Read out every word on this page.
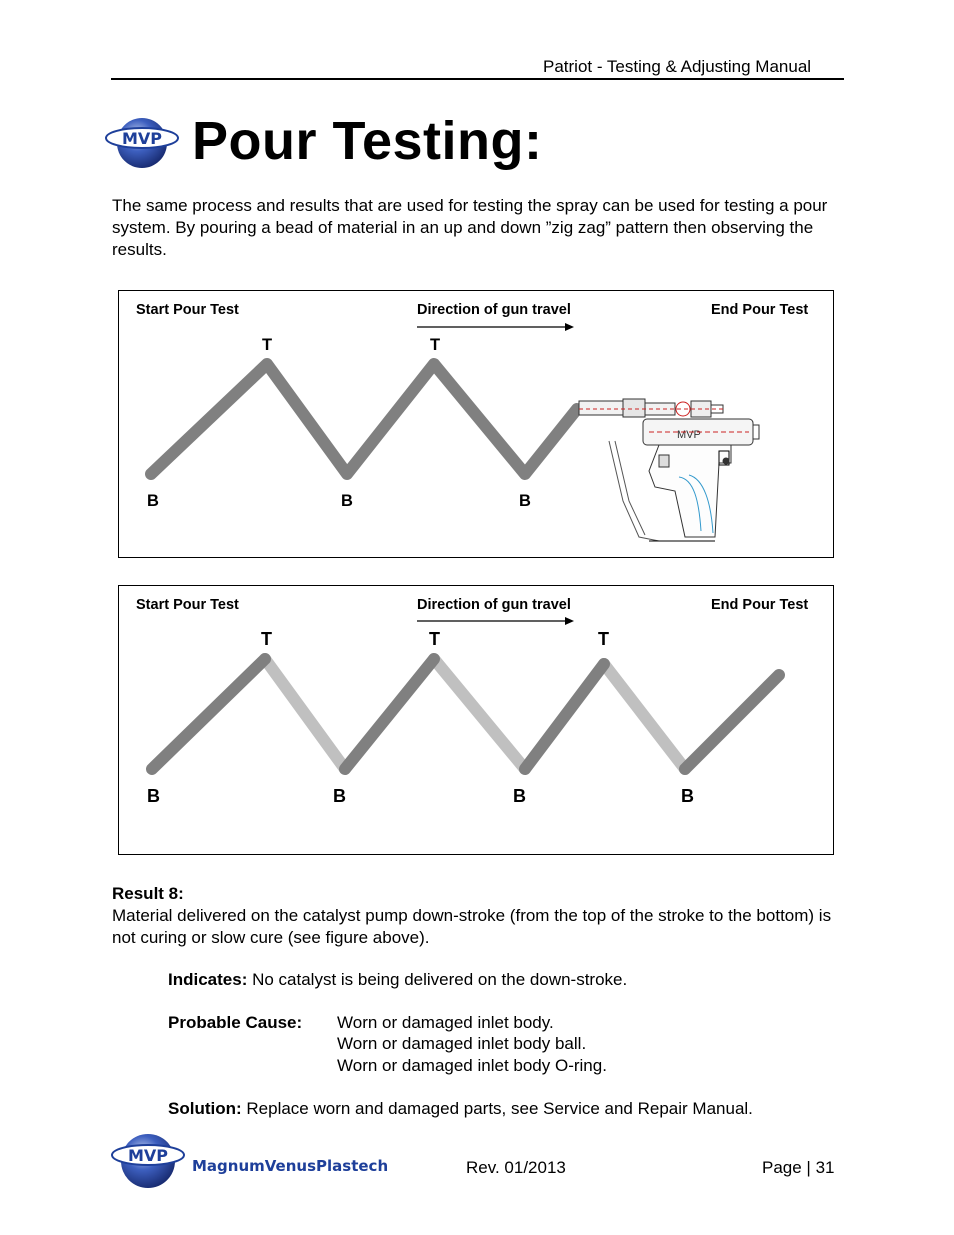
Patriot - Testing & Adjusting Manual
MVP Pour Testing:
The same process and results that are used for testing the spray can be used for testing a pour system. By pouring a bead of material in an up and down ”zig zag” pattern then observing the results.
Start Pour Test	Direction of gun travel	End Pour Test
T	T
B	B	B
MVP
Start Pour Test	Direction of gun travel	End Pour Test
T	T	T
B	B	B	B
Result 8:
Material delivered on the catalyst pump down-stroke (from the top of the stroke to the bottom) is not curing or slow cure (see figure above).
Indicates: No catalyst is being delivered on the down-stroke.
Probable Cause: Worn or damaged inlet body.
Worn or damaged inlet body ball.
Worn or damaged inlet body O-ring.
Solution: Replace worn and damaged parts, see Service and Repair Manual.
MVP
MagnumVenusPlastech	Rev. 01/2013	Page | 31
